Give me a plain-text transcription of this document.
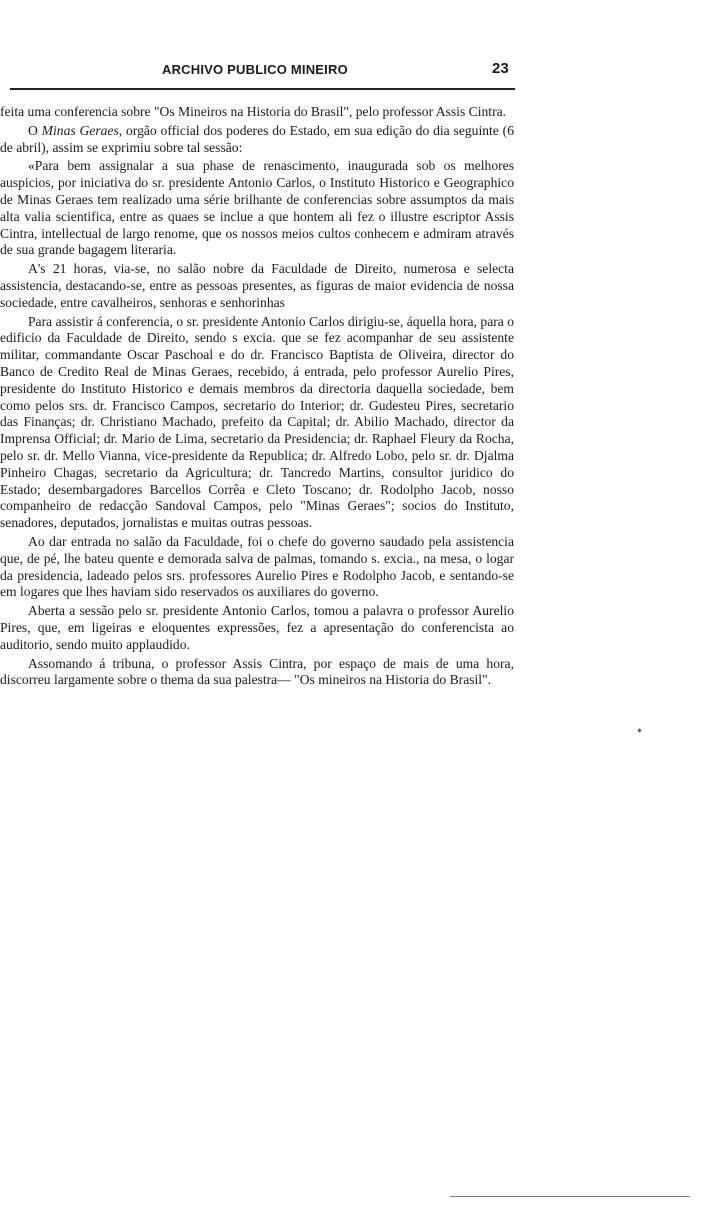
ARCHIVO PUBLICO MINEIRO	23

feita uma conferencia sobre "Os Mineiros na Historia do Brasil", pelo professor Assis Cintra.

O Minas Geraes, orgão official dos poderes do Estado, em sua edição do dia seguinte (6 de abril), assim se exprimiu sobre tal sessão:

«Para bem assignalar a sua phase de renascimento, inaugurada sob os melhores auspicios, por iniciativa do sr. presidente Antonio Carlos, o Instituto Historico e Geographico de Minas Geraes tem realizado uma série brilhante de conferencias sobre assumptos da mais alta valia scientifica, entre as quaes se inclue a que hontem ali fez o illustre escriptor Assis Cintra, intellectual de largo renome, que os nossos meios cultos conhecem e admiram através de sua grande bagagem literaria.

A's 21 horas, via-se, no salão nobre da Faculdade de Direito, numerosa e selecta assistencia, destacando-se, entre as pessoas presentes, as figuras de maior evidencia de nossa sociedade, entre cavalheiros, senhoras e senhorinhas

Para assistir á conferencia, o sr. presidente Antonio Carlos dirigiu-se, áquella hora, para o edificio da Faculdade de Direito, sendo s excia. que se fez acompanhar de seu assistente militar, commandante Oscar Paschoal e do dr. Francisco Baptista de Oliveira, director do Banco de Credito Real de Minas Geraes, recebido, á entrada, pelo professor Aurelio Pires, presidente do Instituto Historico e demais membros da directoria daquella sociedade, bem como pelos srs. dr. Francisco Campos, secretario do Interior; dr. Gudesteu Pires, secretario das Finanças; dr. Christiano Machado, prefeito da Capital; dr. Abilio Machado, director da Imprensa Official; dr. Mario de Lima, secretario da Presidencia; dr. Raphael Fleury da Rocha, pelo sr. dr. Mello Vianna, vice-presidente da Republica; dr. Alfredo Lobo, pelo sr. dr. Djalma Pinheiro Chagas, secretario da Agricultura; dr. Tancredo Martins, consultor juridico do Estado; desembargadores Barcellos Corrêa e Cleto Toscano; dr. Rodolpho Jacob, nosso companheiro de redacção Sandoval Campos, pelo "Minas Geraes"; socios do Instituto, senadores, deputados, jornalistas e muitas outras pessoas.

Ao dar entrada no salão da Faculdade, foi o chefe do governo saudado pela assistencia que, de pé, lhe bateu quente e demorada salva de palmas, tomando s. excia., na mesa, o logar da presidencia, ladeado pelos srs. professores Aurelio Pires e Rodolpho Jacob, e sentando-se em logares que lhes haviam sido reservados os auxiliares do governo.

Aberta a sessão pelo sr. presidente Antonio Carlos, tomou a palavra o professor Aurelio Pires, que, em ligeiras e eloquentes expressões, fez a apresentação do conferencista ao auditorio, sendo muito applaudido.

Assomando á tribuna, o professor Assis Cintra, por espaço de mais de uma hora, discorreu largamente sobre o thema da sua palestra— "Os mineiros na Historia do Brasil".
